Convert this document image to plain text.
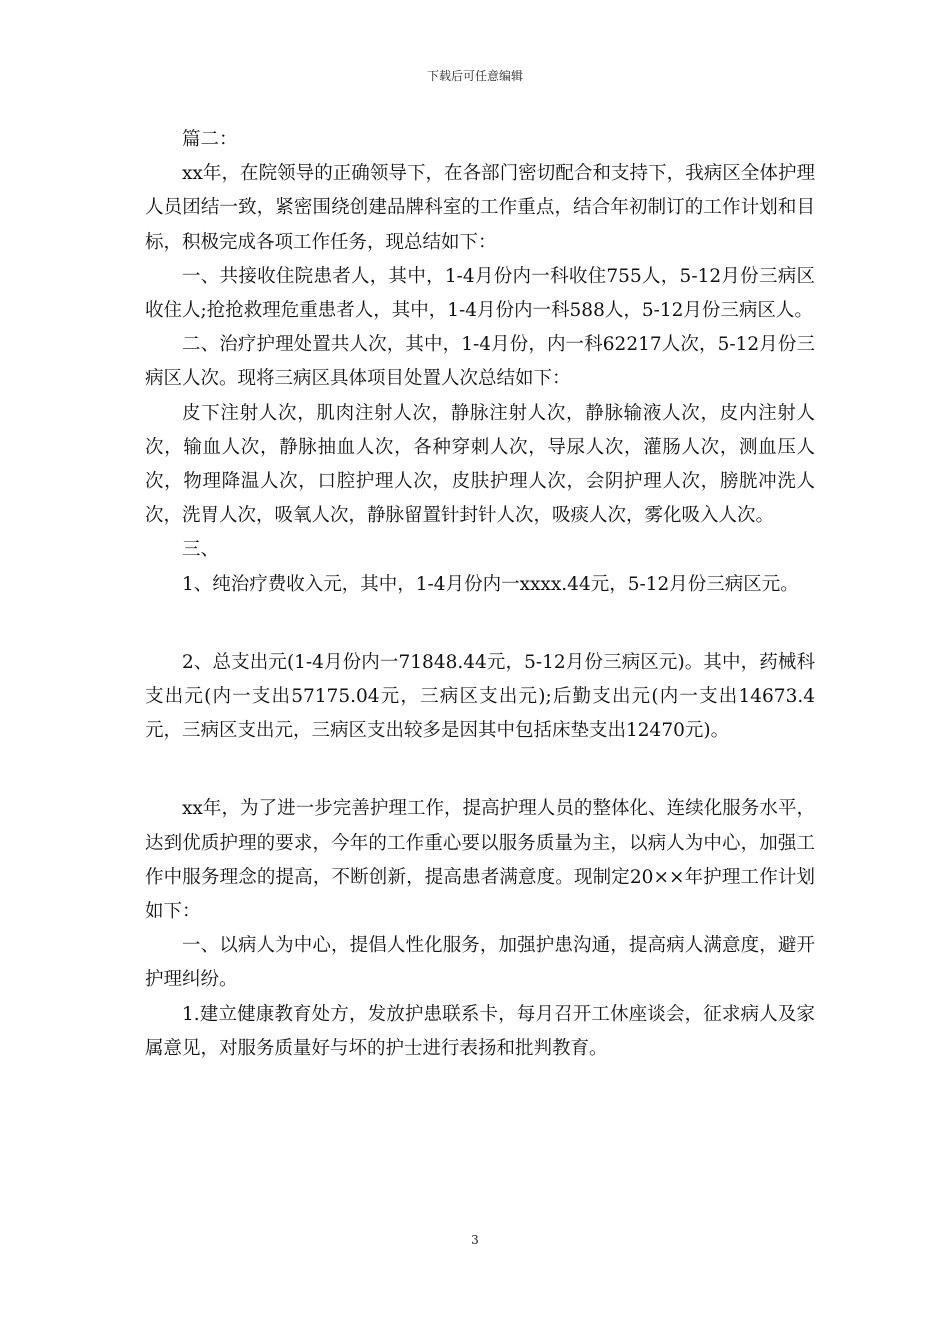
下载后可任意编辑

篇二：

xx年，在院领导的正确领导下，在各部门密切配合和支持下，我病区全体护理人员团结一致，紧密围绕创建品牌科室的工作重点，结合年初制订的工作计划和目标，积极完成各项工作任务，现总结如下：

一、共接收住院患者人，其中，1-4月份内一科收住755人，5-12月份三病区收住人;抢抢救理危重患者人，其中，1-4月份内一科588人，5-12月份三病区人。

二、治疗护理处置共人次，其中，1-4月份，内一科62217人次，5-12月份三病区人次。现将三病区具体项目处置人次总结如下：

皮下注射人次，肌肉注射人次，静脉注射人次，静脉输液人次，皮内注射人次，输血人次，静脉抽血人次，各种穿刺人次，导尿人次，灌肠人次，测血压人次，物理降温人次，口腔护理人次，皮肤护理人次，会阴护理人次，膀胱冲洗人次，洗胃人次，吸氧人次，静脉留置针封针人次，吸痰人次，雾化吸入人次。

三、

1、纯治疗费收入元，其中，1-4月份内一xxxx.44元，5-12月份三病区元。

2、总支出元(1-4月份内一71848.44元，5-12月份三病区元)。其中，药械科支出元(内一支出57175.04元，三病区支出元);后勤支出元(内一支出14673.4元，三病区支出元，三病区支出较多是因其中包括床垫支出12470元)。

xx年，为了进一步完善护理工作，提高护理人员的整体化、连续化服务水平，达到优质护理的要求，今年的工作重心要以服务质量为主，以病人为中心，加强工作中服务理念的提高，不断创新，提高患者满意度。现制定20××年护理工作计划如下：

一、以病人为中心，提倡人性化服务，加强护患沟通，提高病人满意度，避开护理纠纷。

1.建立健康教育处方，发放护患联系卡，每月召开工休座谈会，征求病人及家属意见，对服务质量好与坏的护士进行表扬和批判教育。

3
